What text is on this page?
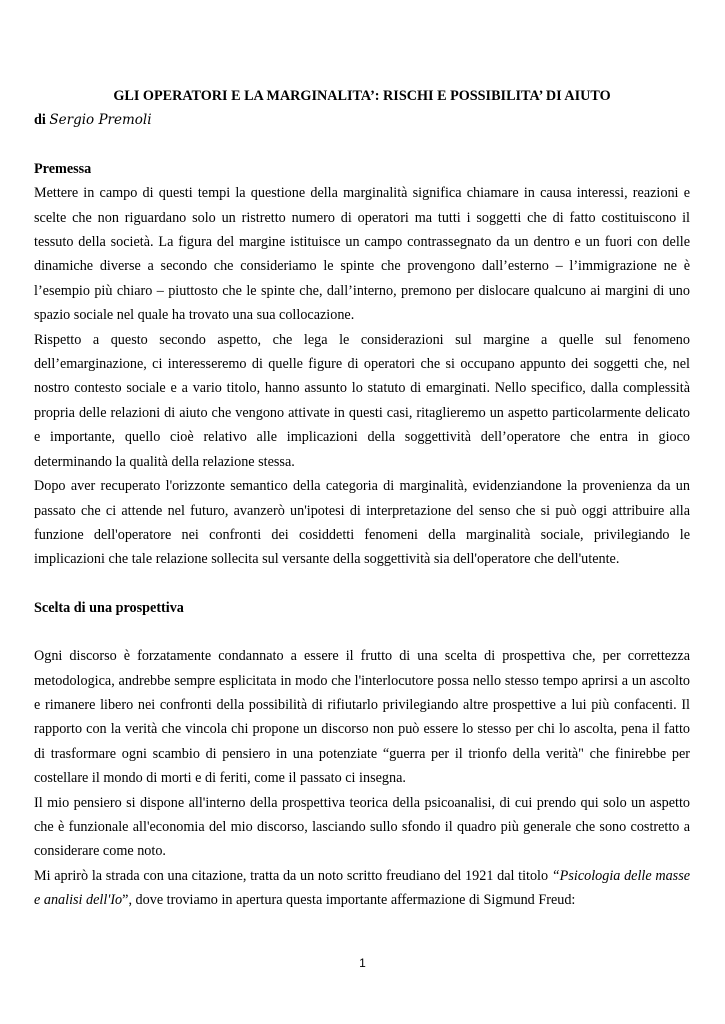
GLI OPERATORI E LA MARGINALITA’: RISCHI E POSSIBILITA’ DI AIUTO
di Sergio Premoli
Premessa

Mettere in campo di questi tempi la questione della marginalità significa chiamare in causa interessi, reazioni e scelte che non riguardano solo un ristretto numero di operatori ma tutti i soggetti che di fatto costituiscono il tessuto della società. La figura del margine istituisce un campo contrassegnato da un dentro e un fuori con delle dinamiche diverse a secondo che consideriamo le spinte che provengono dall’esterno – l’immigrazione ne è l’esempio più chiaro – piuttosto che le spinte che, dall’interno, premono per dislocare qualcuno ai margini di uno spazio sociale nel quale ha trovato una sua collocazione.

Rispetto a questo secondo aspetto, che lega le considerazioni sul margine a quelle sul fenomeno dell’emarginazione, ci interesseremo di quelle figure di operatori che si occupano appunto dei soggetti che, nel nostro contesto sociale e a vario titolo, hanno assunto lo statuto di emarginati. Nello specifico, dalla complessità propria delle relazioni di aiuto che vengono attivate in questi casi, ritaglieremo un aspetto particolarmente delicato e importante, quello cioè relativo alle implicazioni della soggettività dell’operatore che entra in gioco determinando la qualità della relazione stessa.

Dopo aver recuperato l'orizzonte semantico della categoria di marginalità, evidenziandone la provenienza da un passato che ci attende nel futuro, avanzerò un'ipotesi di interpretazione del senso che si può oggi attribuire alla funzione dell'operatore nei confronti dei cosiddetti fenomeni della marginalità sociale, privilegiando le implicazioni che tale relazione sollecita sul versante della soggettività sia dell'operatore che dell'utente.

Scelta di una prospettiva

Ogni discorso è forzatamente condannato a essere il frutto di una scelta di prospettiva che, per correttezza metodologica, andrebbe sempre esplicitata in modo che l'interlocutore possa nello stesso tempo aprirsi a un ascolto e rimanere libero nei confronti della possibilità di rifiutarlo privilegiando altre prospettive a lui più confacenti. Il rapporto con la verità che vincola chi propone un discorso non può essere lo stesso per chi lo ascolta, pena il fatto di trasformare ogni scambio di pensiero in una potenziate “guerra per il trionfo della verità" che finirebbe per costellare il mondo di morti e di feriti, come il passato ci insegna.

Il mio pensiero si dispone all'interno della prospettiva teorica della psicoanalisi, di cui prendo qui solo un aspetto che è funzionale all'economia del mio discorso, lasciando sullo sfondo il quadro più generale che sono costretto a considerare come noto.

Mi aprirò la strada con una citazione, tratta da un noto scritto freudiano del 1921 dal titolo “Psicologia delle masse e analisi dell'Io”, dove troviamo in apertura questa importante affermazione di Sigmund Freud:

1
